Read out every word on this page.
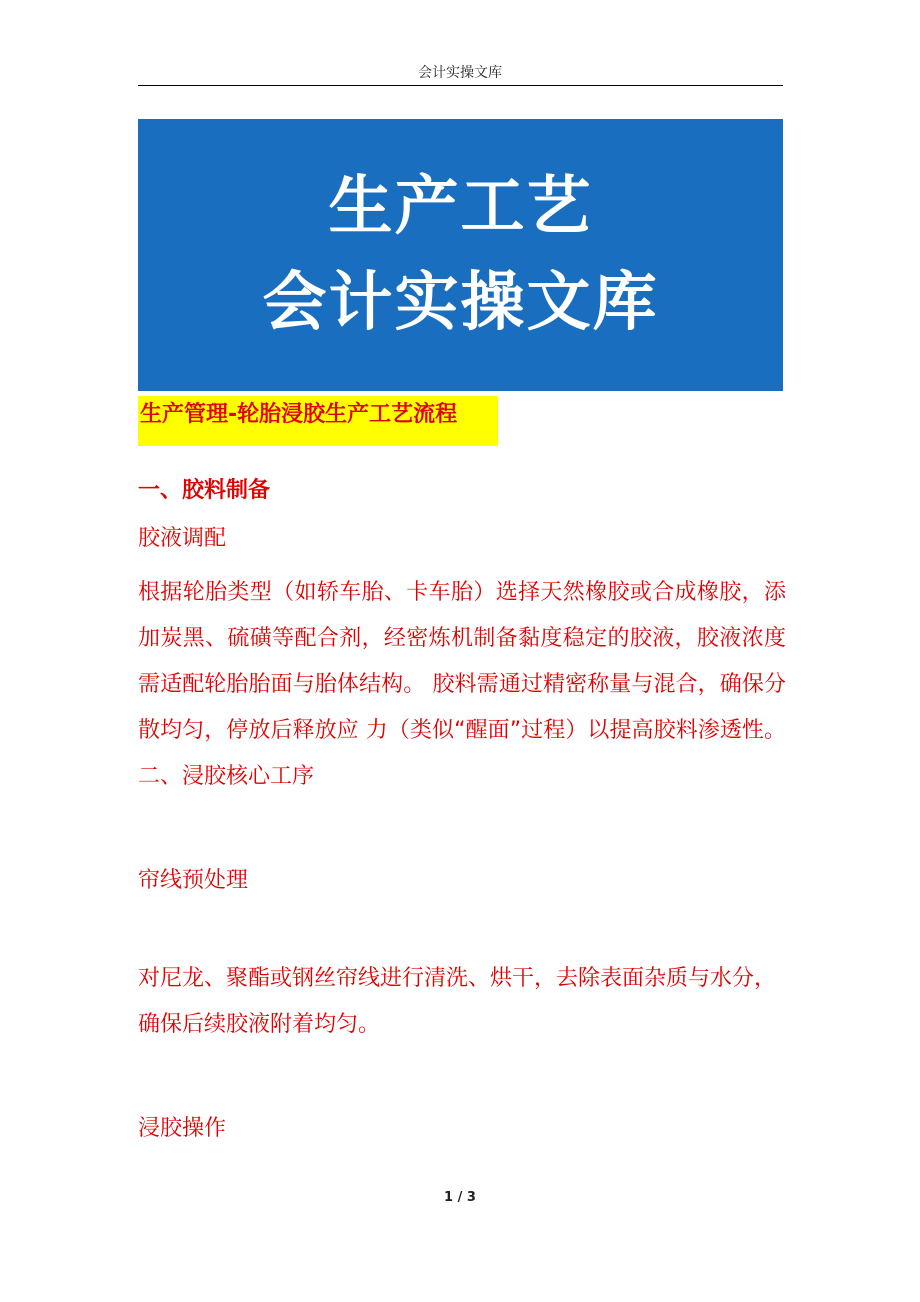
会计实操文库
生产工艺
会计实操文库
生产管理-轮胎浸胶生产工艺流程

一、胶料制备

胶液调配

根据轮胎类型（如轿车胎、卡车胎）选择天然橡胶或合成橡胶，添加炭黑、硫磺等配合剂，经密炼机制备黏度稳定的胶液，胶液浓度需适配轮胎胎面与胎体结构。 胶料需通过精密称量与混合，确保分散均匀，停放后释放应 力（类似“醒面”过程）以提高胶料渗透性。 二、浸胶核心工序

帘线预处理

对尼龙、聚酯或钢丝帘线进行清洗、烘干，去除表面杂质与水分，确保后续胶液附着均匀。

浸胶操作

1 / 3
